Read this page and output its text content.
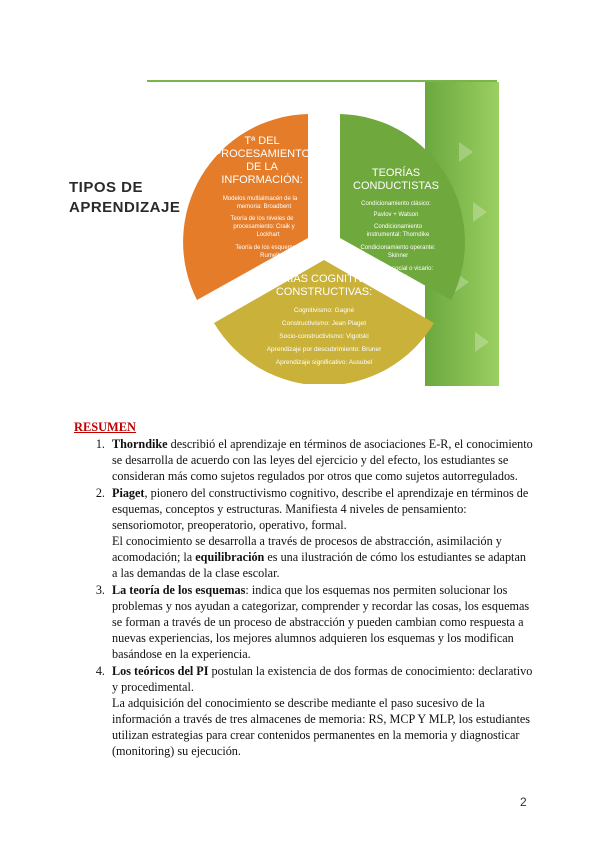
TIPOS DE
APRENDIZAJE
Tª DEL
PROCESAMIENTO
DE LA
INFORMACIÓN:
Modelos multialmacén de la
memoria: Broadbent
Teoría de los niveles de
procesamiento: Craik y
Lockhart
Teoría de los esquemas:
Rumelhart
TEORÍAS
CONDUCTISTAS
Condicionamiento clásico:
Pavlov + Watson
Condicionamiento
instrumental: Thorndike
Condicionamiento operante:
Skinner
Aprendizaje social o vicario:
Bandura
TEORÍAS COGNITIVAS Y
CONSTRUCTIVAS:
Cognitivismo: Gagné
Constructivismo: Jean Piaget
Socio-constructivismo: Vigotski
Aprendizaje por descubrimiento: Bruner
Aprendizaje significativo: Ausubel
RESUMEN

1. Thorndike describió el aprendizaje en términos de asociaciones E-R, el conocimiento se desarrolla de acuerdo con las leyes del ejercicio y del efecto, los estudiantes se consideran más como sujetos regulados por otros que como sujetos autorregulados.

2. Piaget, pionero del constructivismo cognitivo, describe el aprendizaje en términos de esquemas, conceptos y estructuras. Manifiesta 4 niveles de pensamiento: sensoriomotor, preoperatorio, operativo, formal.

El conocimiento se desarrolla a través de procesos de abstracción, asimilación y acomodación; la equilibración es una ilustración de cómo los estudiantes se adaptan a las demandas de la clase escolar.

3. La teoría de los esquemas: indica que los esquemas nos permiten solucionar los problemas y nos ayudan a categorizar, comprender y recordar las cosas, los esquemas se forman a través de un proceso de abstracción y pueden cambian como respuesta a nuevas experiencias, los mejores alumnos adquieren los esquemas y los modifican basándose en la experiencia.

4. Los teóricos del PI postulan la existencia de dos formas de conocimiento: declarativo y procedimental.

La adquisición del conocimiento se describe mediante el paso sucesivo de la información a través de tres almacenes de memoria: RS, MCP Y MLP, los estudiantes utilizan estrategias para crear contenidos permanentes en la memoria y diagnosticar (monitoring) su ejecución.

2
